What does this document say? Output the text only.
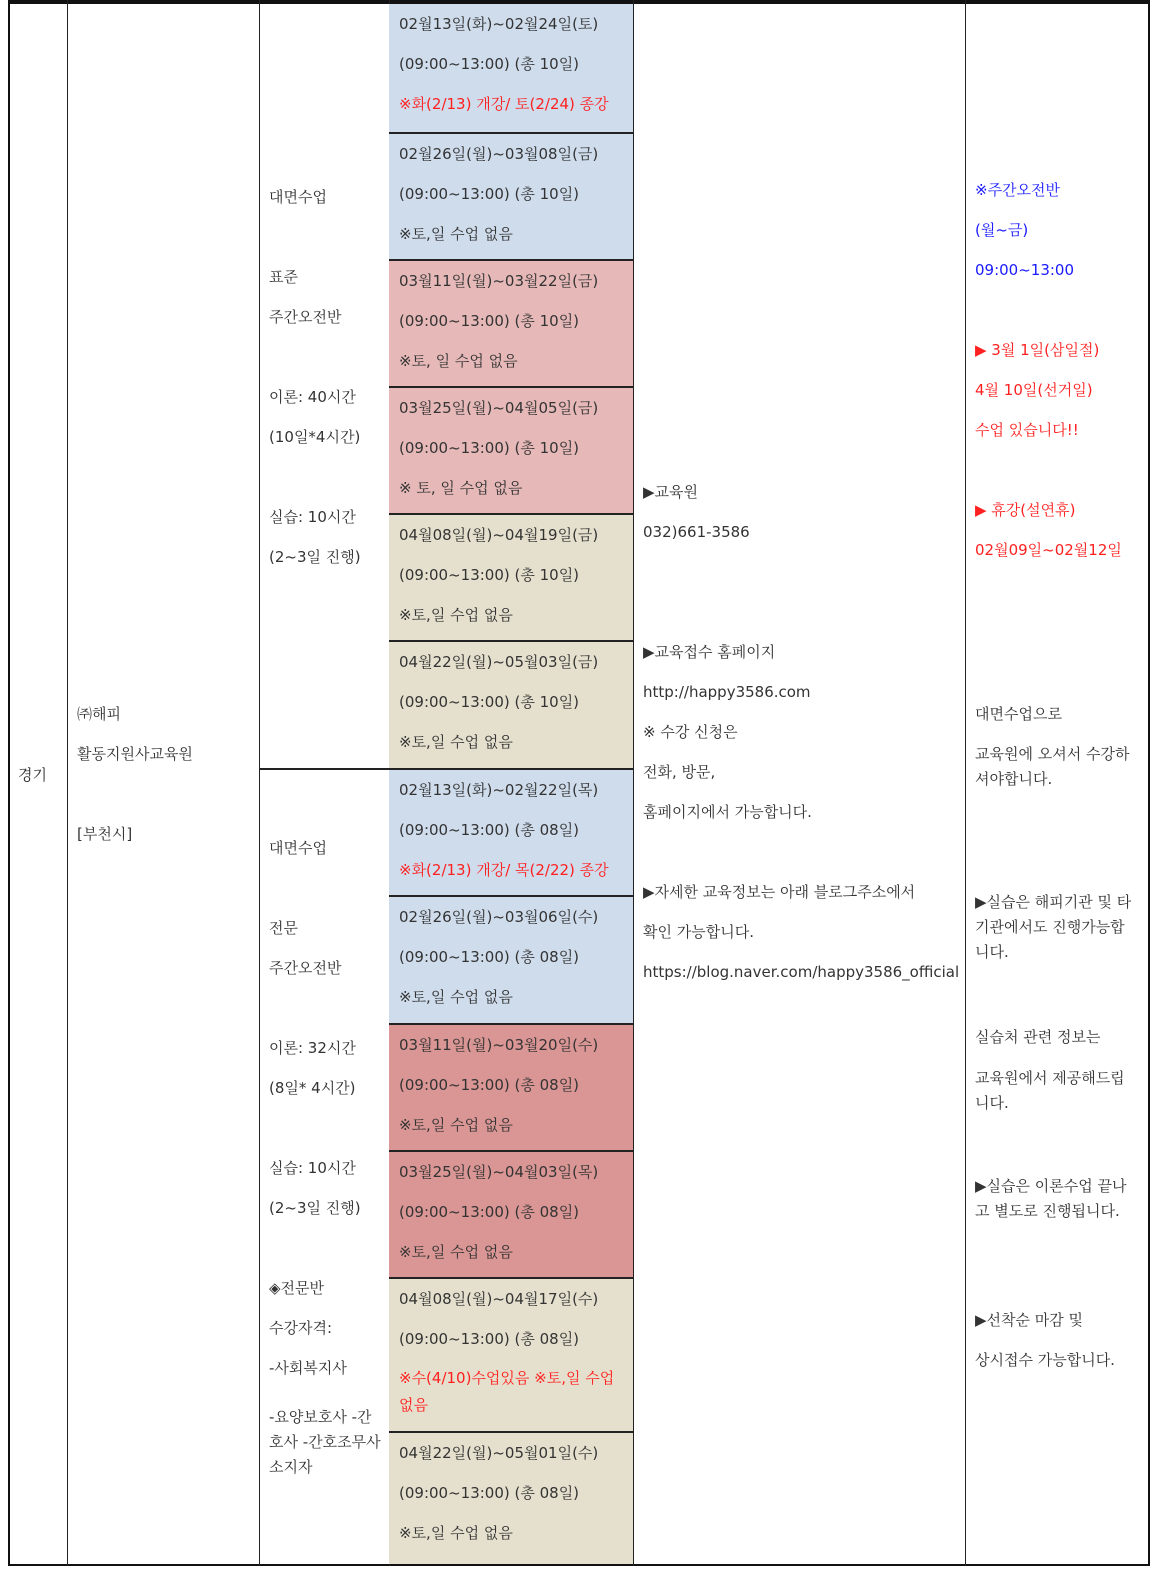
경기
㈜해피
활동지원사교육원
[부천시]
대면수업
표준
주간오전반
이론: 40시간
(10일*4시간)
실습: 10시간
(2~3일 진행)
대면수업
전문
주간오전반
이론: 32시간
(8일* 4시간)
실습: 10시간
(2~3일 진행)
◈전문반
수강자격:
-사회복지사
-요양보호사 -간호사 -간호조무사 소지자
02월13일(화)~02월24일(토)
(09:00~13:00) (총 10일)
※화(2/13) 개강/ 토(2/24) 종강
02월26일(월)~03월08일(금)
(09:00~13:00) (총 10일)
※토,일 수업 없음
03월11일(월)~03월22일(금)
(09:00~13:00) (총 10일)
※토, 일 수업 없음
03월25일(월)~04월05일(금)
(09:00~13:00) (총 10일)
※ 토, 일 수업 없음
04월08일(월)~04월19일(금)
(09:00~13:00) (총 10일)
※토,일 수업 없음
04월22일(월)~05월03일(금)
(09:00~13:00) (총 10일)
※토,일 수업 없음
02월13일(화)~02월22일(목)
(09:00~13:00) (총 08일)
※화(2/13) 개강/ 목(2/22) 종강
02월26일(월)~03월06일(수)
(09:00~13:00) (총 08일)
※토,일 수업 없음
03월11일(월)~03월20일(수)
(09:00~13:00) (총 08일)
※토,일 수업 없음
03월25일(월)~04월03일(목)
(09:00~13:00) (총 08일)
※토,일 수업 없음
04월08일(월)~04월17일(수)
(09:00~13:00) (총 08일)
※수(4/10)수업있음 ※토,일 수업 없음
04월22일(월)~05월01일(수)
(09:00~13:00) (총 08일)
※토,일 수업 없음
▶교육원
032)661-3586
▶교육접수 홈페이지
http://happy3586.com
※ 수강 신청은
전화, 방문,
홈페이지에서 가능합니다.
▶자세한 교육정보는 아래 블로그주소에서
확인 가능합니다.
https://blog.naver.com/happy3586_official
※주간오전반
(월~금)
09:00~13:00
▶ 3월 1일(삼일절)
4월 10일(선거일)
수업 있습니다!!
▶ 휴강(설연휴)
02월09일~02월12일
대면수업으로
교육원에 오셔서 수강하셔야합니다.
▶실습은 해피기관 및 타기관에서도 진행가능합니다.
실습처 관련 정보는
교육원에서 제공해드립니다.
▶실습은 이론수업 끝나고 별도로 진행됩니다.
▶선착순 마감 및
상시접수 가능합니다.
